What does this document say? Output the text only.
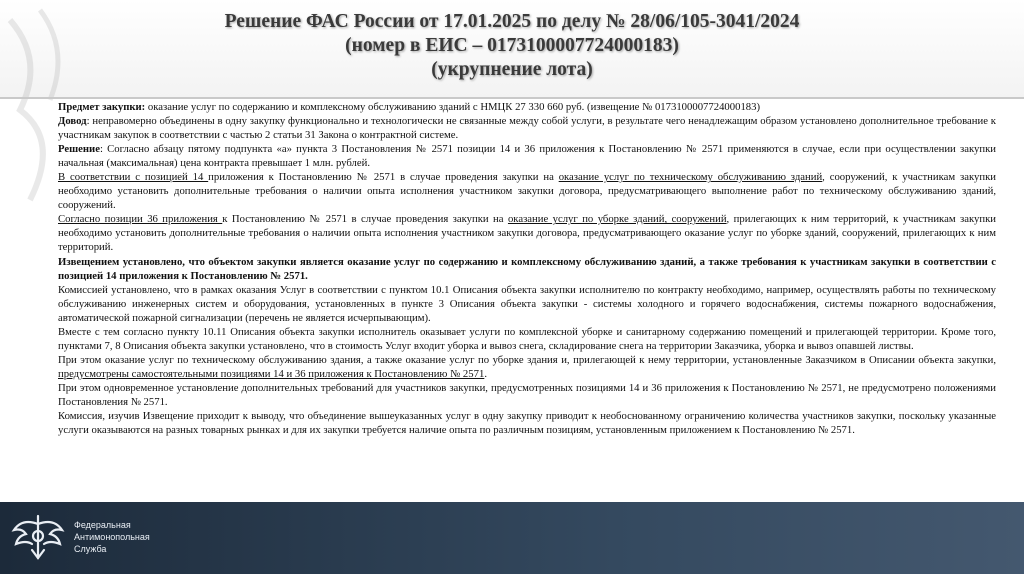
Решение ФАС России от 17.01.2025 по делу № 28/06/105-3041/2024
(номер в ЕИС – 0173100007724000183)
(укрупнение лота)

Предмет закупки: оказание услуг по содержанию и комплексному обслуживанию зданий с НМЦК 27 330 660 руб. (извещение № 0173100007724000183)

Довод: неправомерно объединены в одну закупку функционально и технологически не связанные между собой услуги, в результате чего ненадлежащим образом установлено дополнительное требование к участникам закупок в соответствии с частью 2 статьи 31 Закона о контрактной системе.

Решение: Согласно абзацу пятому подпункта «а» пункта 3 Постановления № 2571 позиции 14 и 36 приложения к Постановлению № 2571 применяются в случае, если при осуществлении закупки начальная (максимальная) цена контракта превышает 1 млн. рублей.

В соответствии с позицией 14 приложения к Постановлению № 2571 в случае проведения закупки на оказание услуг по техническому обслуживанию зданий, сооружений, к участникам закупки необходимо установить дополнительные требования о наличии опыта исполнения участником закупки договора, предусматривающего выполнение работ по техническому обслуживанию зданий, сооружений.

Согласно позиции 36 приложения к Постановлению № 2571 в случае проведения закупки на оказание услуг по уборке зданий, сооружений, прилегающих к ним территорий, к участникам закупки необходимо установить дополнительные требования о наличии опыта исполнения участником закупки договора, предусматривающего оказание услуг по уборке зданий, сооружений, прилегающих к ним территорий.

Извещением установлено, что объектом закупки является оказание услуг по содержанию и комплексному обслуживанию зданий, а также требования к участникам закупки в соответствии с позицией 14 приложения к Постановлению № 2571.

Комиссией установлено, что в рамках оказания Услуг в соответствии с пунктом 10.1 Описания объекта закупки исполнителю по контракту необходимо, например, осуществлять работы по техническому обслуживанию инженерных систем и оборудования, установленных в пункте 3 Описания объекта закупки - системы холодного и горячего водоснабжения, системы пожарного водоснабжения, автоматической пожарной сигнализации (перечень не является исчерпывающим).

Вместе с тем согласно пункту 10.11 Описания объекта закупки исполнитель оказывает услуги по комплексной уборке и санитарному содержанию помещений и прилегающей территории. Кроме того, пунктами 7, 8 Описания объекта закупки установлено, что в стоимость Услуг входит уборка и вывоз снега, складирование снега на территории Заказчика, уборка и вывоз опавшей листвы.

При этом оказание услуг по техническому обслуживанию здания, а также оказание услуг по уборке здания и, прилегающей к нему территории, установленные Заказчиком в Описании объекта закупки, предусмотрены самостоятельными позициями 14 и 36 приложения к Постановлению № 2571.

При этом одновременное установление дополнительных требований для участников закупки, предусмотренных позициями 14 и 36 приложения к Постановлению № 2571, не предусмотрено положениями Постановления № 2571.

Комиссия, изучив Извещение приходит к выводу, что объединение вышеуказанных услуг в одну закупку приводит к необоснованному ограничению количества участников закупки, поскольку указанные услуги оказываются на разных товарных рынках и для их закупки требуется наличие опыта по различным позициям, установленным приложением к Постановлению № 2571.

Федеральная
Антимонопольная
Служба
